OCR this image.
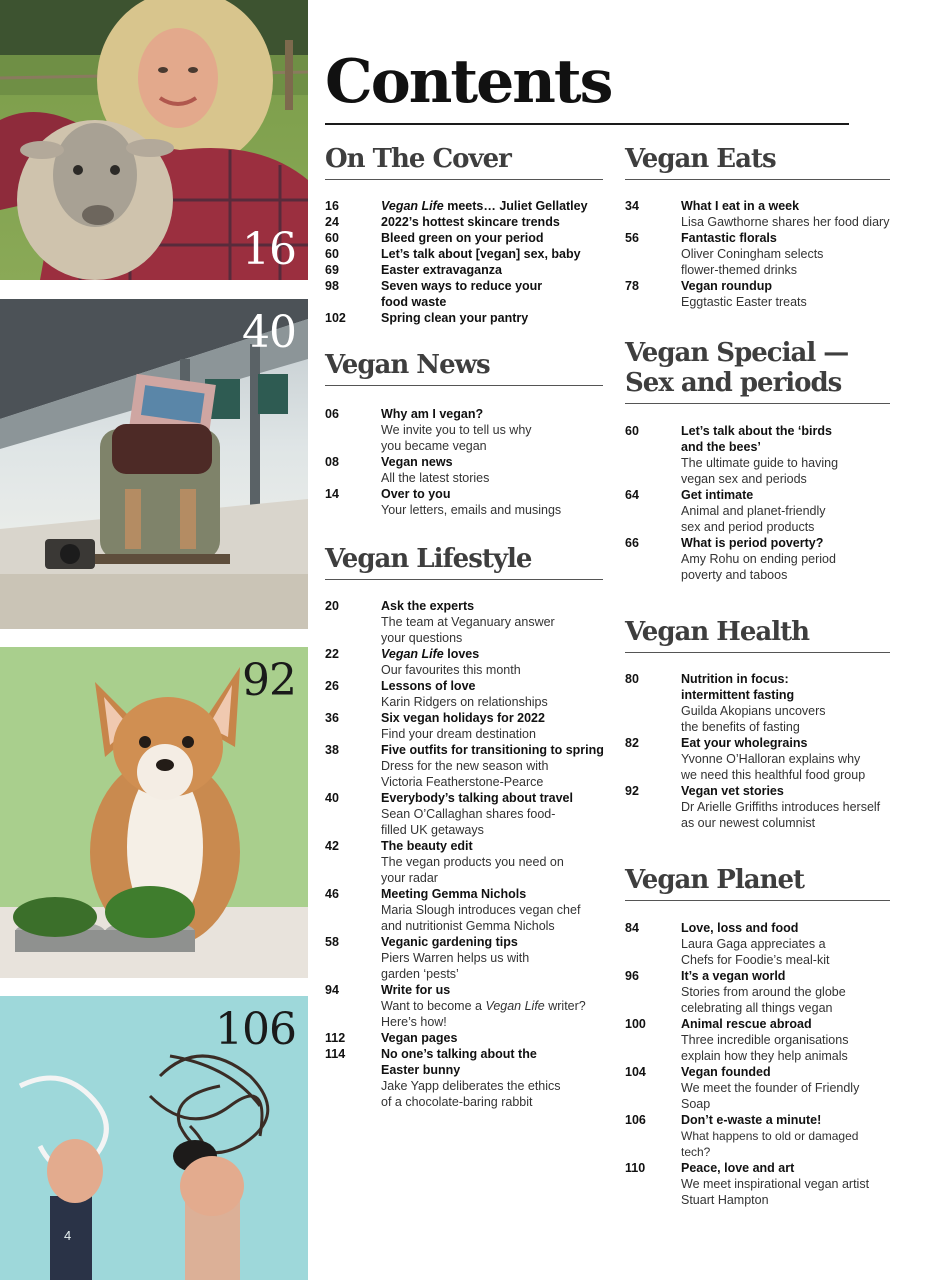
16
40
92
106
4
Contents
On The Cover
16	Vegan Life meets… Juliet Gellatley
24	2022’s hottest skincare trends
60	Bleed green on your period
60	Let’s talk about [vegan] sex, baby
69	Easter extravaganza
98	Seven ways to reduce your food waste
102	Spring clean your pantry
Vegan News
06	Why am I vegan?
We invite you to tell us why you became vegan
08	Vegan news
All the latest stories
14	Over to you
Your letters, emails and musings
Vegan Lifestyle
20	Ask the experts
The team at Veganuary answer your questions
22	Vegan Life loves
Our favourites this month
26	Lessons of love
Karin Ridgers on relationships
36	Six vegan holidays for 2022
Find your dream destination
38	Five outfits for transitioning to spring
Dress for the new season with Victoria Featherstone-Pearce
40	Everybody’s talking about travel
Sean O’Callaghan shares food-filled UK getaways
42	The beauty edit
The vegan products you need on your radar
46	Meeting Gemma Nichols
Maria Slough introduces vegan chef and nutritionist Gemma Nichols
58	Veganic gardening tips
Piers Warren helps us with garden ‘pests’
94	Write for us
Want to become a Vegan Life writer? Here’s how!
112	Vegan pages
114	No one’s talking about the Easter bunny
Jake Yapp deliberates the ethics of a chocolate-baring rabbit
Vegan Eats
34	What I eat in a week
Lisa Gawthorne shares her food diary
56	Fantastic florals
Oliver Coningham selects flower-themed drinks
78	Vegan roundup
Eggtastic Easter treats
Vegan Special —
Sex and periods
60	Let’s talk about the ‘birds and the bees’
The ultimate guide to having vegan sex and periods
64	Get intimate
Animal and planet-friendly sex and period products
66	What is period poverty?
Amy Rohu on ending period poverty and taboos
Vegan Health
80	Nutrition in focus: intermittent fasting
Guilda Akopians uncovers the benefits of fasting
82	Eat your wholegrains
Yvonne O’Halloran explains why we need this healthful food group
92	Vegan vet stories
Dr Arielle Griffiths introduces herself as our newest columnist
Vegan Planet
84	Love, loss and food
Laura Gaga appreciates a Chefs for Foodie’s meal-kit
96	It’s a vegan world
Stories from around the globe celebrating all things vegan
100	Animal rescue abroad
Three incredible organisations explain how they help animals
104	Vegan founded
We meet the founder of Friendly Soap
106	Don’t e-waste a minute!
What happens to old or damaged tech?
110	Peace, love and art
We meet inspirational vegan artist Stuart Hampton
